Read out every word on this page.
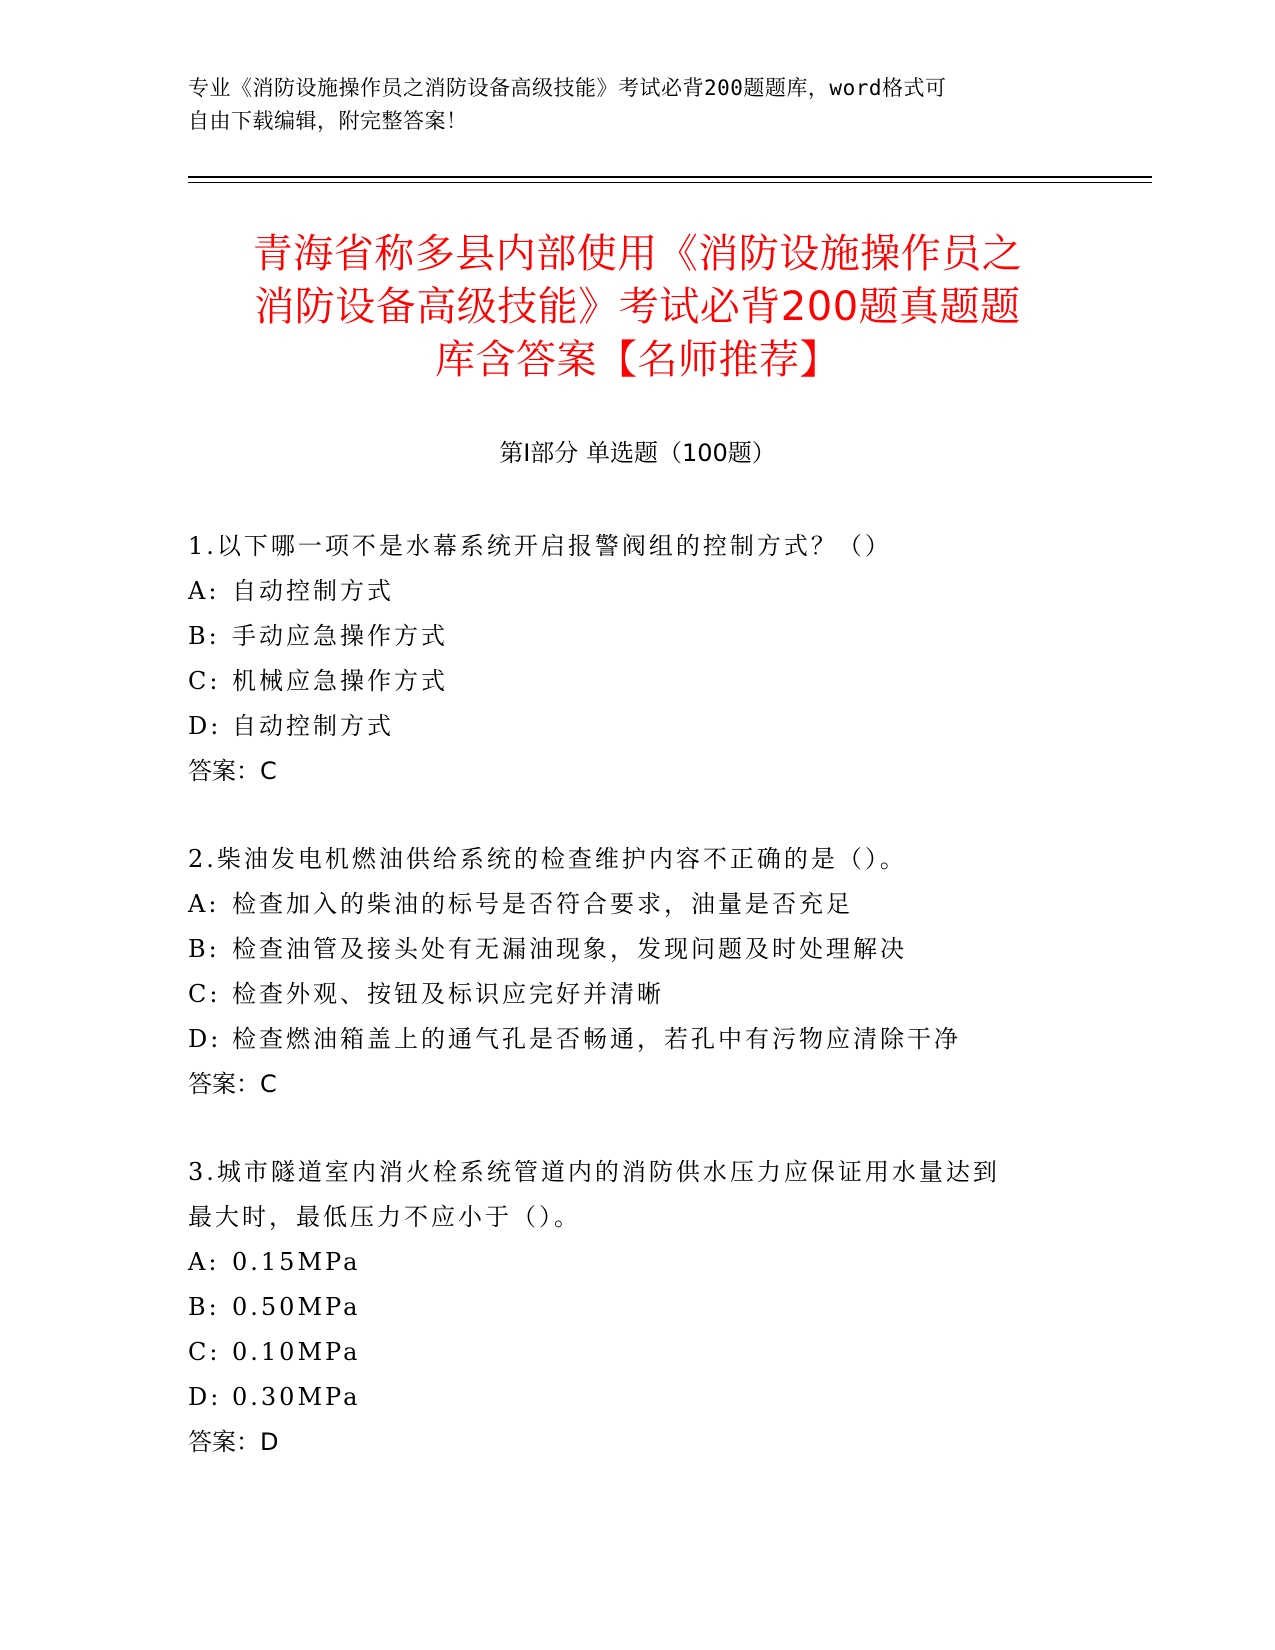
专业《消防设施操作员之消防设备高级技能》考试必背200题题库，word格式可
自由下载编辑，附完整答案！
青海省称多县内部使用《消防设施操作员之
消防设备高级技能》考试必背200题真题题
库含答案【名师推荐】
第Ⅰ部分 单选题（100题）
1.以下哪一项不是水幕系统开启报警阀组的控制方式？（）
A: 自动控制方式
B: 手动应急操作方式
C: 机械应急操作方式
D: 自动控制方式
答案：C
2.柴油发电机燃油供给系统的检查维护内容不正确的是（）。
A: 检查加入的柴油的标号是否符合要求，油量是否充足
B: 检查油管及接头处有无漏油现象，发现问题及时处理解决
C: 检查外观、按钮及标识应完好并清晰
D: 检查燃油箱盖上的通气孔是否畅通，若孔中有污物应清除干净
答案：C
3.城市隧道室内消火栓系统管道内的消防供水压力应保证用水量达到
最大时，最低压力不应小于（）。
A: 0.15MPa
B: 0.50MPa
C: 0.10MPa
D: 0.30MPa
答案：D
